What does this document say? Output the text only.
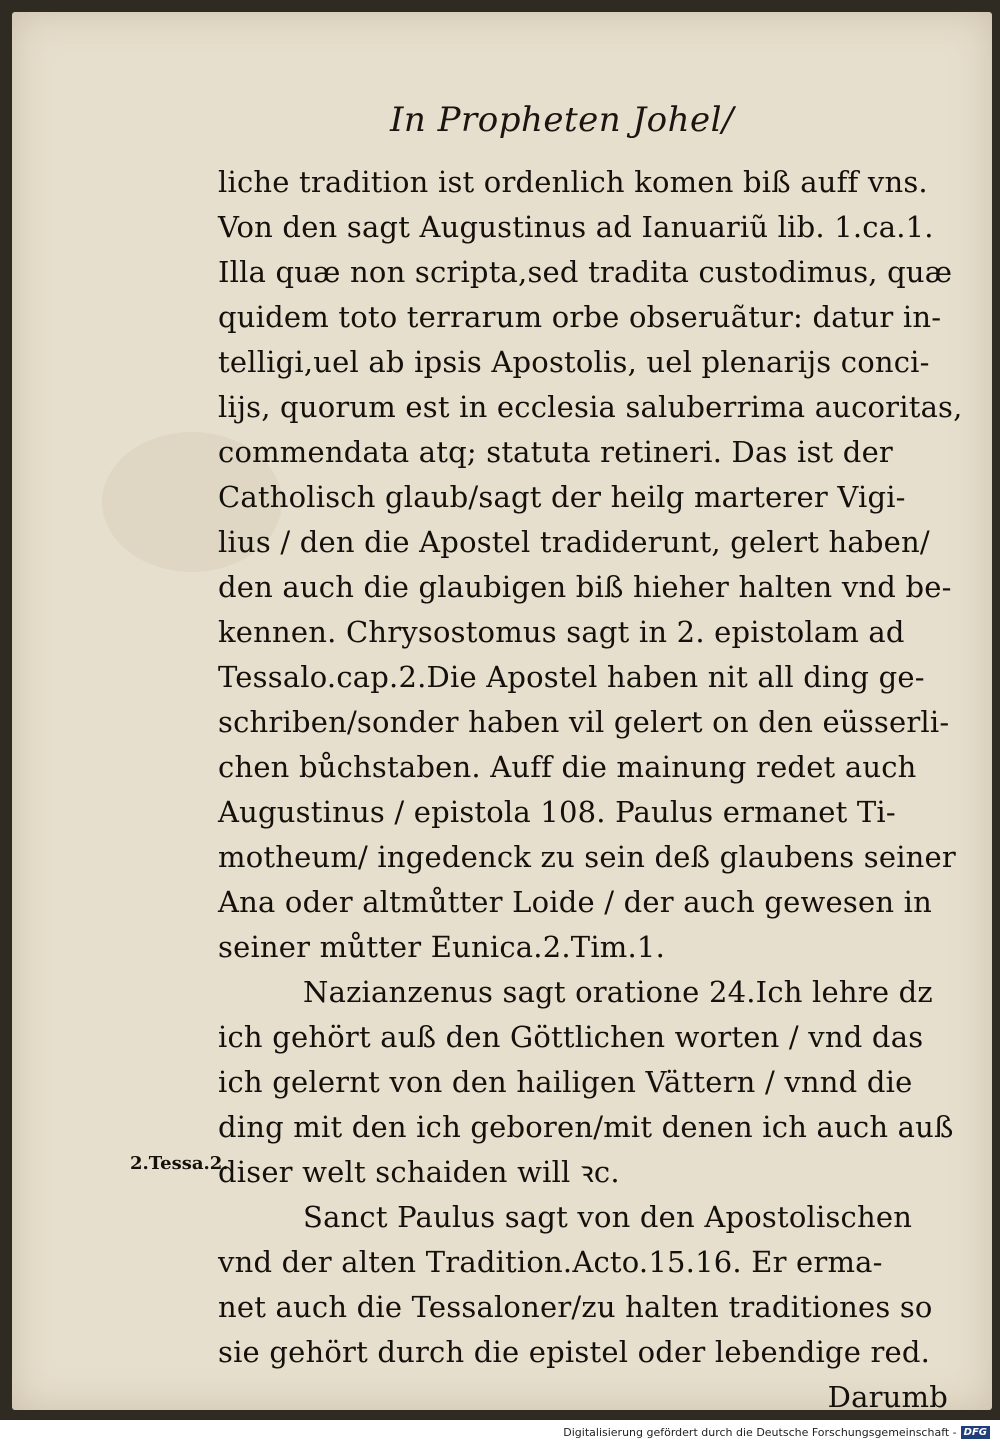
In Propheten Johel/
liche tradition ist ordenlich komen biß auff vns.
Von den sagt Augustinus ad Ianuariũ lib. 1.ca.1.
Illa quæ non scripta,sed tradita custodimus, quæ
quidem toto terrarum orbe obseruãtur: datur in-
telligi,uel ab ipsis Apostolis, uel plenarijs conci-
lijs, quorum est in ecclesia saluberrima aucoritas,
commendata atq; statuta retineri. Das ist der
Catholisch glaub/sagt der heilg marterer Vigi-
lius / den die Apostel tradiderunt, gelert haben/
den auch die glaubigen biß hieher halten vnd be-
kennen. Chrysostomus sagt in 2. epistolam ad
Tessalo.cap.2.Die Apostel haben nit all ding ge-
schriben/sonder haben vil gelert on den eüsserli-
chen bůchstaben. Auff die mainung redet auch
Augustinus / epistola 108. Paulus ermanet Ti-
motheum/ ingedenck zu sein deß glaubens seiner
Ana oder altmůtter Loide / der auch gewesen in
seiner můtter Eunica.2.Tim.1.
Nazianzenus sagt oratione 24.Ich lehre dz
ich gehört auß den Göttlichen worten / vnd das
ich gelernt von den hailigen Vättern / vnnd die
ding mit den ich geboren/mit denen ich auch auß
diser welt schaiden will ꝛc.
Sanct Paulus sagt von den Apostolischen
vnd der alten Tradition.Acto.15.16. Er erma-
net auch die Tessaloner/zu halten traditiones so
sie gehört durch die epistel oder lebendige red.
Darumb
2.Tessa.2.
Digitalisierung gefördert durch die Deutsche Forschungsgemeinschaft - DFG
